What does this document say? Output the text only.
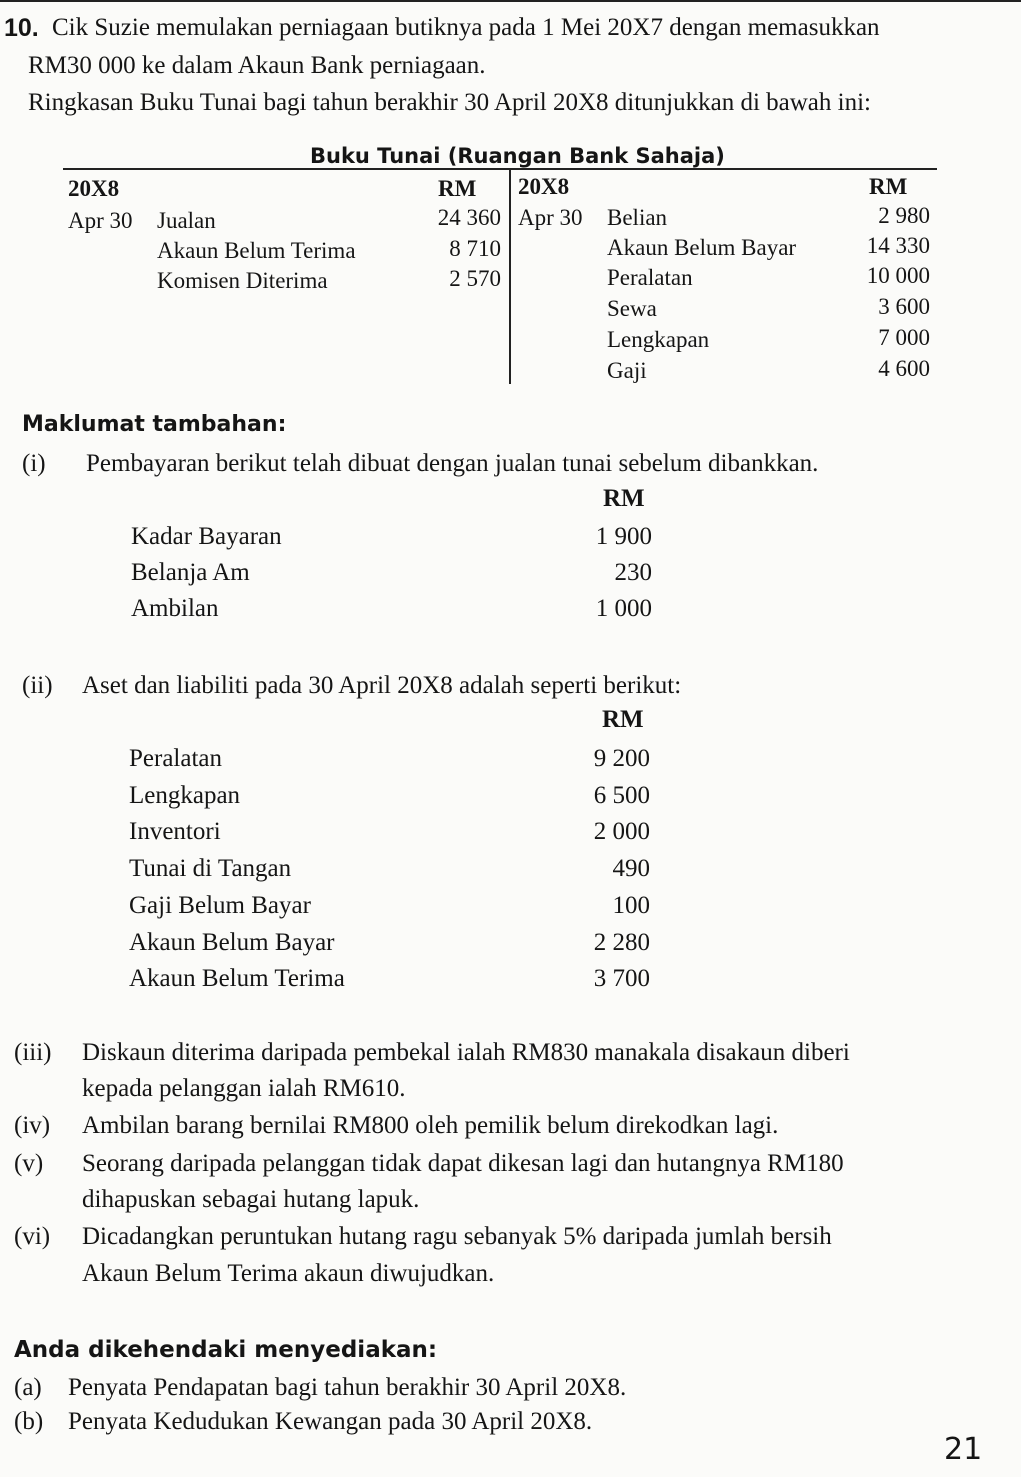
10. Cik Suzie memulakan perniagaan butiknya pada 1 Mei 20X7 dengan memasukkan
RM30 000 ke dalam Akaun Bank perniagaan.
Ringkasan Buku Tunai bagi tahun berakhir 30 April 20X8 ditunjukkan di bawah ini:
Buku Tunai (Ruangan Bank Sahaja)
20X8	RM
Apr 30 Jualan	24 360
Akaun Belum Terima	8 710
Komisen Diterima	2 570
20X8	RM
Apr 30 Belian	2 980
Akaun Belum Bayar	14 330
Peralatan	10 000
Sewa	3 600
Lengkapan	7 000
Gaji	4 600
Maklumat tambahan:
(i) Pembayaran berikut telah dibuat dengan jualan tunai sebelum dibankkan.
RM
Kadar Bayaran	1 900
Belanja Am	230
Ambilan	1 000
(ii) Aset dan liabiliti pada 30 April 20X8 adalah seperti berikut:
RM
Peralatan	9 200
Lengkapan	6 500
Inventori	2 000
Tunai di Tangan	490
Gaji Belum Bayar	100
Akaun Belum Bayar	2 280
Akaun Belum Terima	3 700
(iii) Diskaun diterima daripada pembekal ialah RM830 manakala disakaun diberi
kepada pelanggan ialah RM610.
(iv) Ambilan barang bernilai RM800 oleh pemilik belum direkodkan lagi.
(v) Seorang daripada pelanggan tidak dapat dikesan lagi dan hutangnya RM180
dihapuskan sebagai hutang lapuk.
(vi) Dicadangkan peruntukan hutang ragu sebanyak 5% daripada jumlah bersih
Akaun Belum Terima akaun diwujudkan.
Anda dikehendaki menyediakan:
(a) Penyata Pendapatan bagi tahun berakhir 30 April 20X8.
(b) Penyata Kedudukan Kewangan pada 30 April 20X8.
21
